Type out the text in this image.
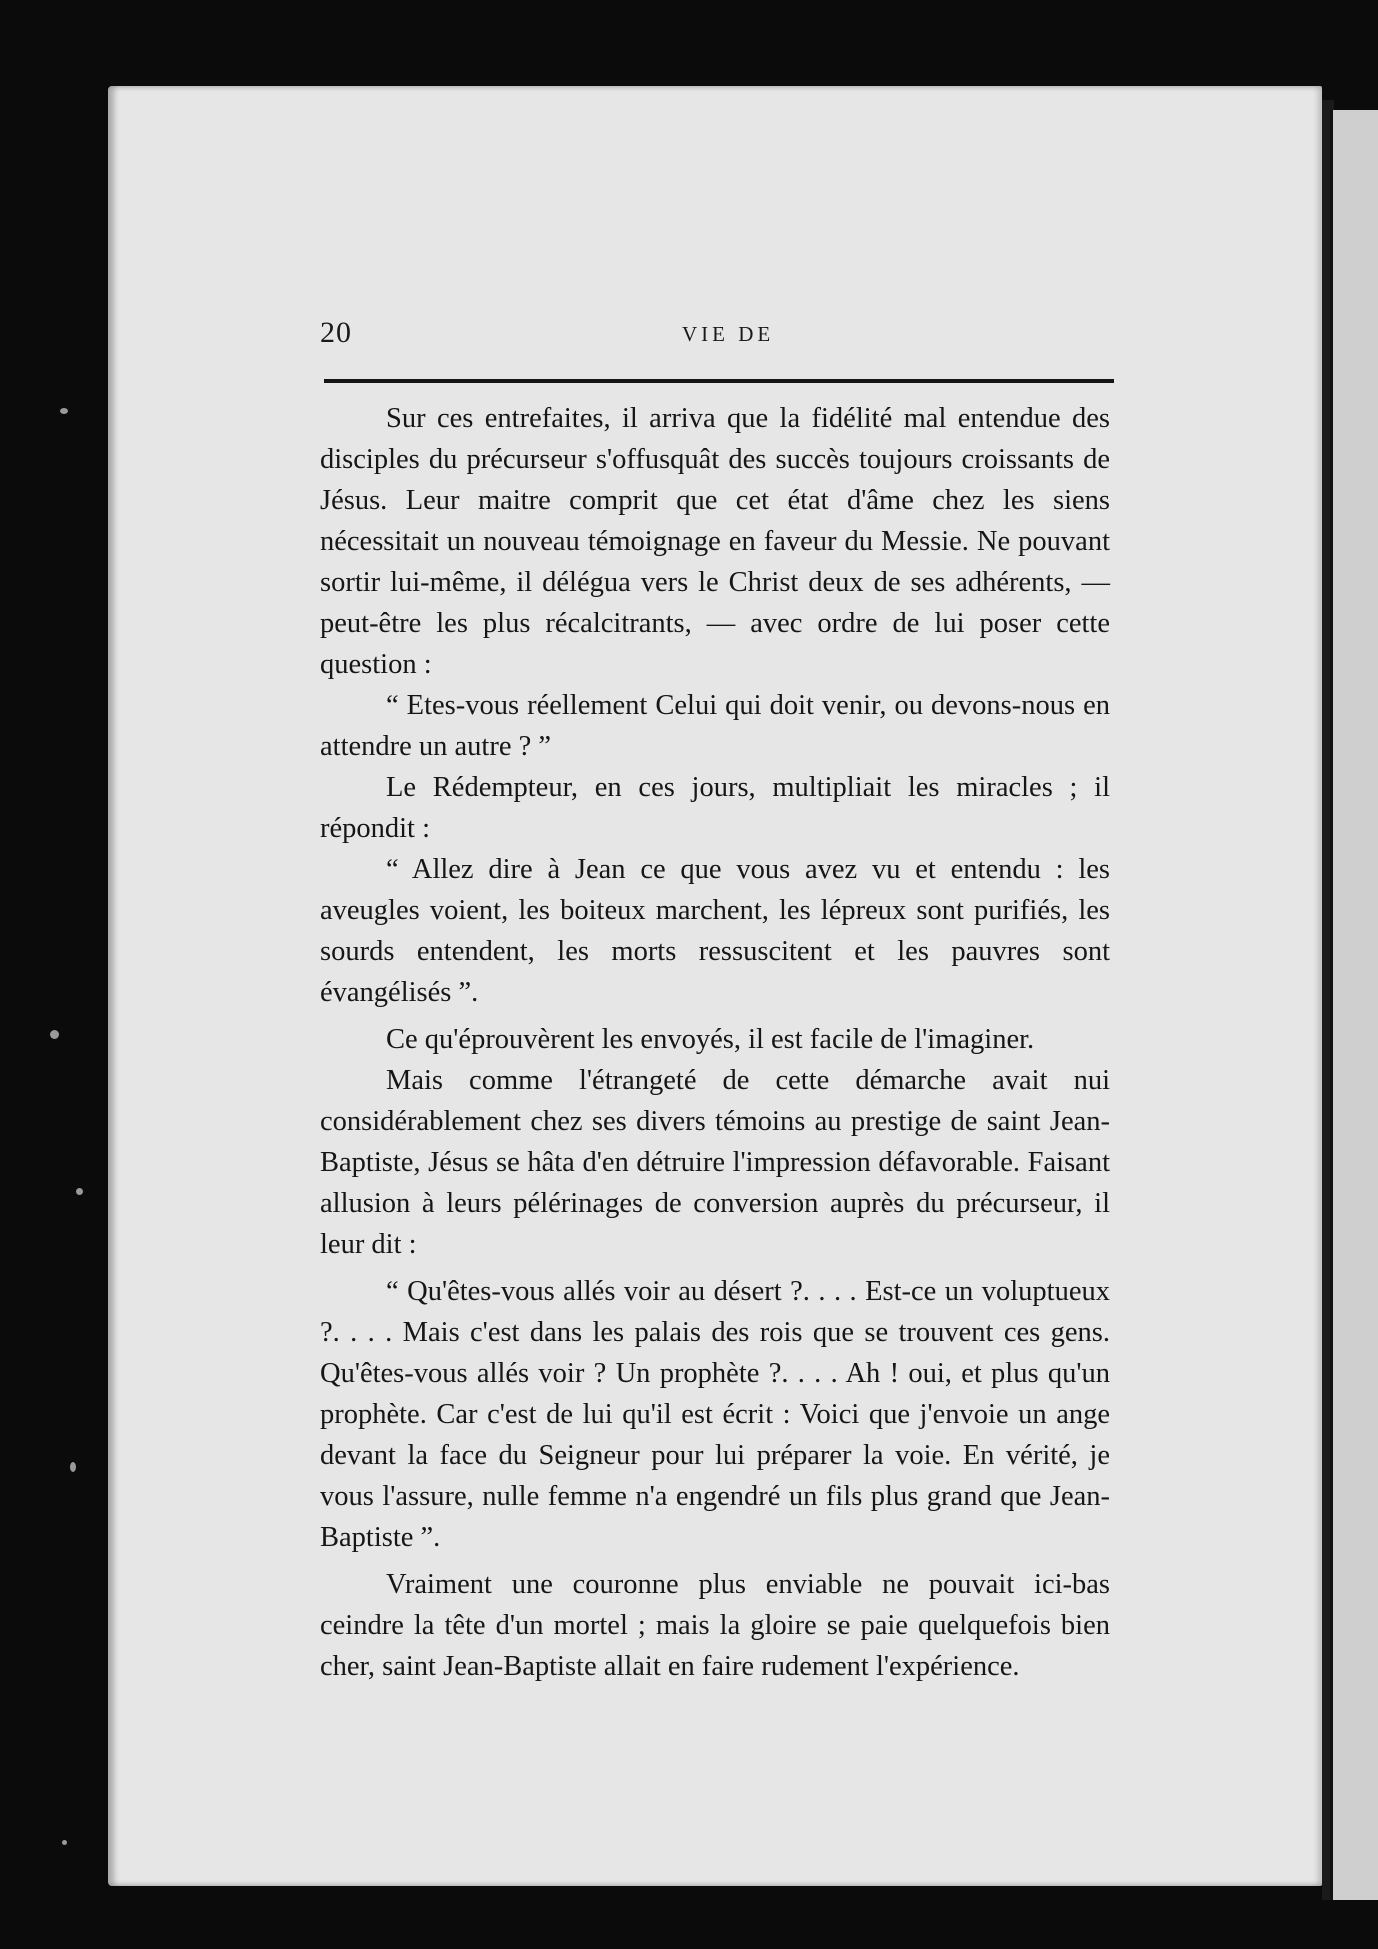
20	VIE DE

Sur ces entrefaites, il arriva que la fidélité mal entendue des disciples du précurseur s'offusquât des succès toujours croissants de Jésus. Leur maitre comprit que cet état d'âme chez les siens nécessitait un nouveau témoignage en faveur du Messie. Ne pouvant sortir lui-même, il délégua vers le Christ deux de ses adhérents, — peut-être les plus récalcitrants, — avec ordre de lui poser cette question :

“ Etes-vous réellement Celui qui doit venir, ou devons-nous en attendre un autre ? ”

Le Rédempteur, en ces jours, multipliait les miracles ; il répondit :

“ Allez dire à Jean ce que vous avez vu et entendu : les aveugles voient, les boiteux marchent, les lépreux sont purifiés, les sourds entendent, les morts ressuscitent et les pauvres sont évangélisés ”.

Ce qu'éprouvèrent les envoyés, il est facile de l'imaginer.

Mais comme l'étrangeté de cette démarche avait nui considérablement chez ses divers témoins au prestige de saint Jean-Baptiste, Jésus se hâta d'en détruire l'impression défavorable. Faisant allusion à leurs pélérinages de conversion auprès du précurseur, il leur dit :

“ Qu'êtes-vous allés voir au désert ?. . . . Est-ce un voluptueux ?. . . . Mais c'est dans les palais des rois que se trouvent ces gens. Qu'êtes-vous allés voir ? Un prophète ?. . . . Ah ! oui, et plus qu'un prophète. Car c'est de lui qu'il est écrit : Voici que j'envoie un ange devant la face du Seigneur pour lui préparer la voie. En vérité, je vous l'assure, nulle femme n'a engendré un fils plus grand que Jean-Baptiste ”.

Vraiment une couronne plus enviable ne pouvait ici-bas ceindre la tête d'un mortel ; mais la gloire se paie quelquefois bien cher, saint Jean-Baptiste allait en faire rudement l'expérience.
